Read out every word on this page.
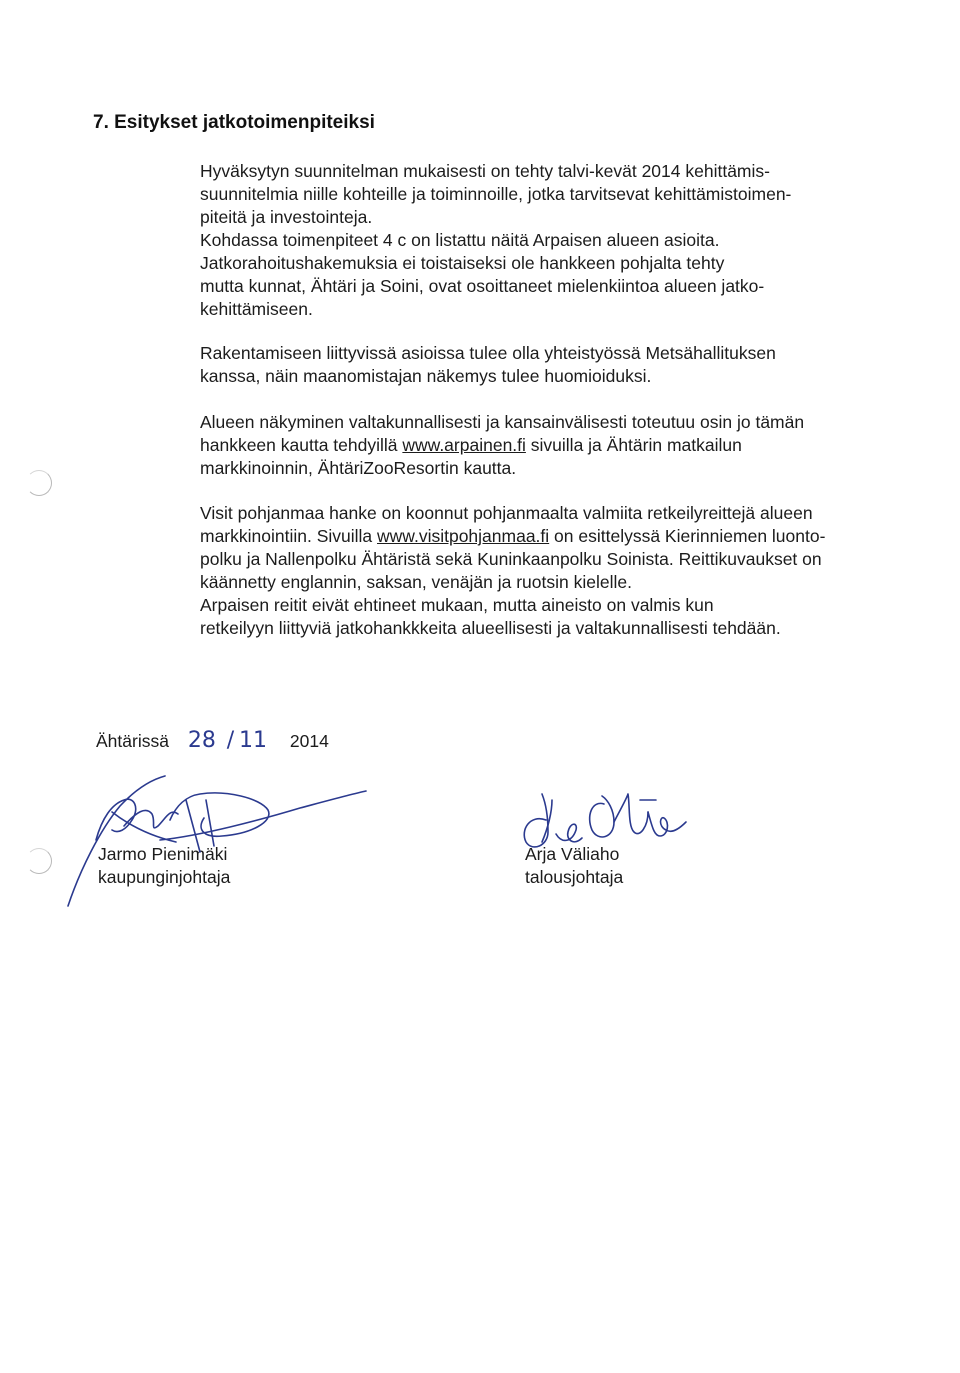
7. Esitykset jatkotoimenpiteiksi
Hyväksytyn suunnitelman mukaisesti on tehty talvi-kevät 2014 kehittämis-
suunnitelmia niille kohteille ja toiminnoille, jotka tarvitsevat kehittämistoimen-
piteitä ja investointeja.
Kohdassa toimenpiteet 4 c on listattu näitä Arpaisen alueen asioita.
Jatkorahoitushakemuksia ei toistaiseksi ole hankkeen pohjalta tehty
mutta kunnat, Ähtäri ja Soini, ovat osoittaneet mielenkiintoa alueen jatko-
kehittämiseen.
Rakentamiseen liittyvissä asioissa tulee olla yhteistyössä Metsähallituksen
kanssa, näin maanomistajan näkemys tulee huomioiduksi.
Alueen näkyminen valtakunnallisesti ja kansainvälisesti toteutuu osin jo tämän
hankkeen kautta tehdyillä www.arpainen.fi sivuilla ja Ähtärin matkailun
markkinoinnin, ÄhtäriZooResortin kautta.
Visit pohjanmaa hanke on koonnut pohjanmaalta valmiita retkeilyreittejä alueen
markkinointiin. Sivuilla www.visitpohjanmaa.fi on esittelyssä Kierinniemen luonto-
polku ja Nallenpolku Ähtäristä sekä Kuninkaanpolku Soinista. Reittikuvaukset on
käännetty englannin, saksan, venäjän ja ruotsin kielelle.
Arpaisen reitit eivät ehtineet mukaan, mutta aineisto on valmis kun
retkeilyyn liittyviä jatkohankkkeita alueellisesti ja valtakunnallisesti tehdään.
Ähtärissä 28 / 11 2014
Jarmo Pienimäki
kaupunginjohtaja
Arja Väliaho
talousjohtaja
